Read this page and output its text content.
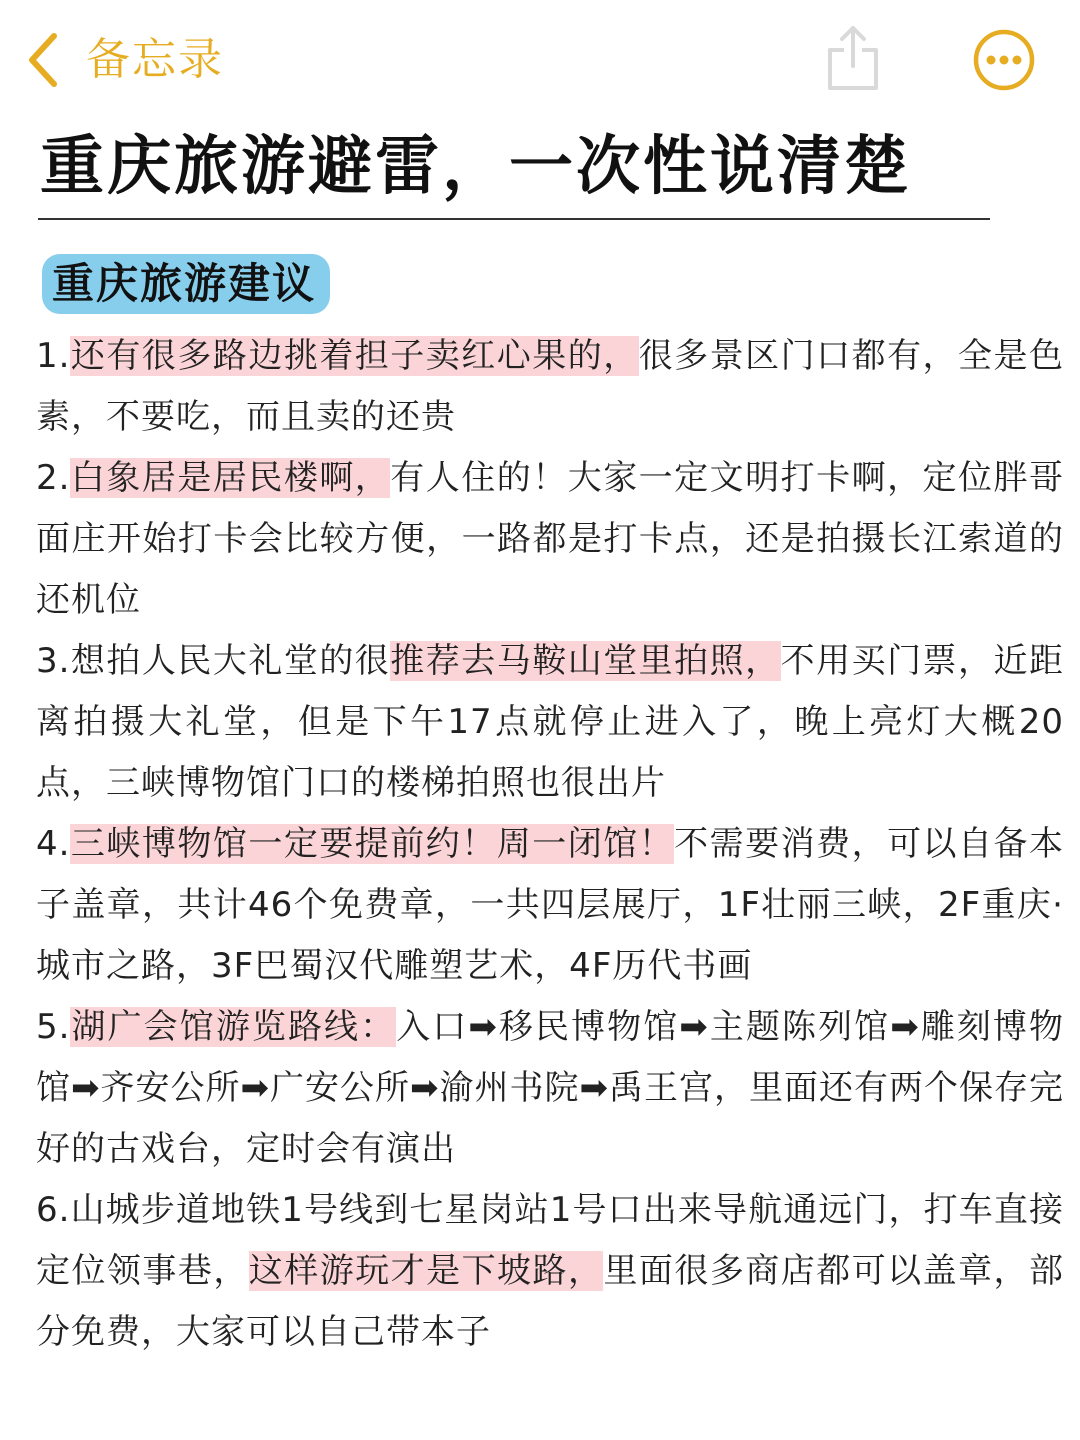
备忘录
重庆旅游避雷，一次性说清楚
重庆旅游建议

1.还有很多路边挑着担子卖红心果的，很多景区门口都有，全是色素，不要吃，而且卖的还贵

2.白象居是居民楼啊，有人住的！大家一定文明打卡啊，定位胖哥面庄开始打卡会比较方便，一路都是打卡点，还是拍摄长江索道的还机位

3.想拍人民大礼堂的很推荐去马鞍山堂里拍照，不用买门票，近距离拍摄大礼堂，但是下午17点就停止进入了，晚上亮灯大概20点，三峡博物馆门口的楼梯拍照也很出片

4.三峡博物馆一定要提前约！周一闭馆！不需要消费，可以自备本子盖章，共计46个免费章，一共四层展厅，1F壮丽三峡，2F重庆·城市之路，3F巴蜀汉代雕塑艺术，4F历代书画

5.湖广会馆游览路线：入口➡移民博物馆➡主题陈列馆➡雕刻博物馆➡齐安公所➡广安公所➡渝州书院➡禹王宫，里面还有两个保存完好的古戏台，定时会有演出

6.山城步道地铁1号线到七星岗站1号口出来导航通远门，打车直接定位领事巷，这样游玩才是下坡路，里面很多商店都可以盖章，部分免费，大家可以自己带本子
